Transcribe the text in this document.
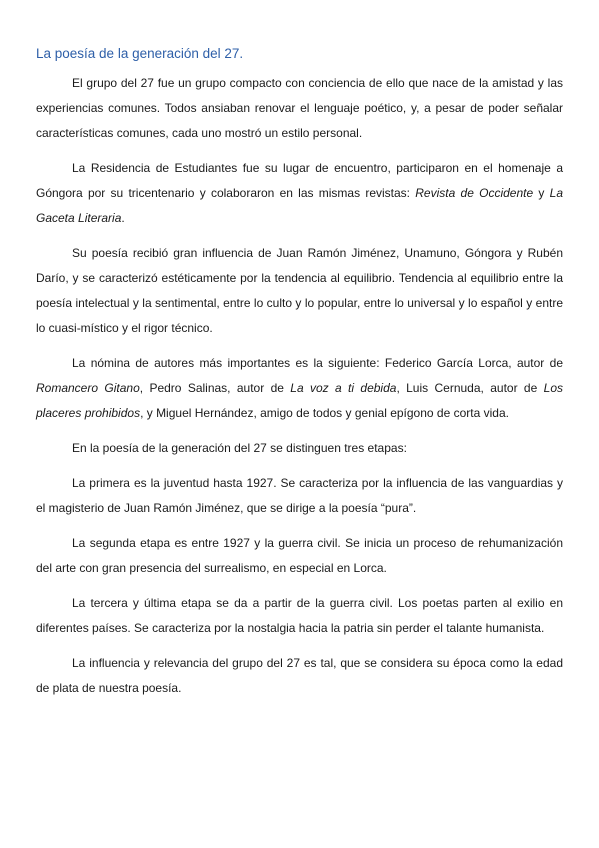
La poesía de la generación del 27.

El grupo del 27 fue un grupo compacto con conciencia de ello que nace de la amistad y las experiencias comunes. Todos ansiaban renovar el lenguaje poético, y, a pesar de poder señalar características comunes, cada uno mostró un estilo personal.

La Residencia de Estudiantes fue su lugar de encuentro, participaron en el homenaje a Góngora por su tricentenario y colaboraron en las mismas revistas: Revista de Occidente y La Gaceta Literaria.

Su poesía recibió gran influencia de Juan Ramón Jiménez, Unamuno, Góngora y Rubén Darío, y se caracterizó estéticamente por la tendencia al equilibrio. Tendencia al equilibrio entre la poesía intelectual y la sentimental, entre lo culto y lo popular, entre lo universal y lo español y entre lo cuasi-místico y el rigor técnico.

La nómina de autores más importantes es la siguiente: Federico García Lorca, autor de Romancero Gitano, Pedro Salinas, autor de La voz a ti debida, Luis Cernuda, autor de Los placeres prohibidos, y Miguel Hernández, amigo de todos y genial epígono de corta vida.

En la poesía de la generación del 27 se distinguen tres etapas:

La primera es la juventud hasta 1927. Se caracteriza por la influencia de las vanguardias y el magisterio de Juan Ramón Jiménez, que se dirige a la poesía “pura”.

La segunda etapa es entre 1927 y la guerra civil. Se inicia un proceso de rehumanización del arte con gran presencia del surrealismo, en especial en Lorca.

La tercera y última etapa se da a partir de la guerra civil. Los poetas parten al exilio en diferentes países. Se caracteriza por la nostalgia hacia la patria sin perder el talante humanista.

La influencia y relevancia del grupo del 27 es tal, que se considera su época como la edad de plata de nuestra poesía.
